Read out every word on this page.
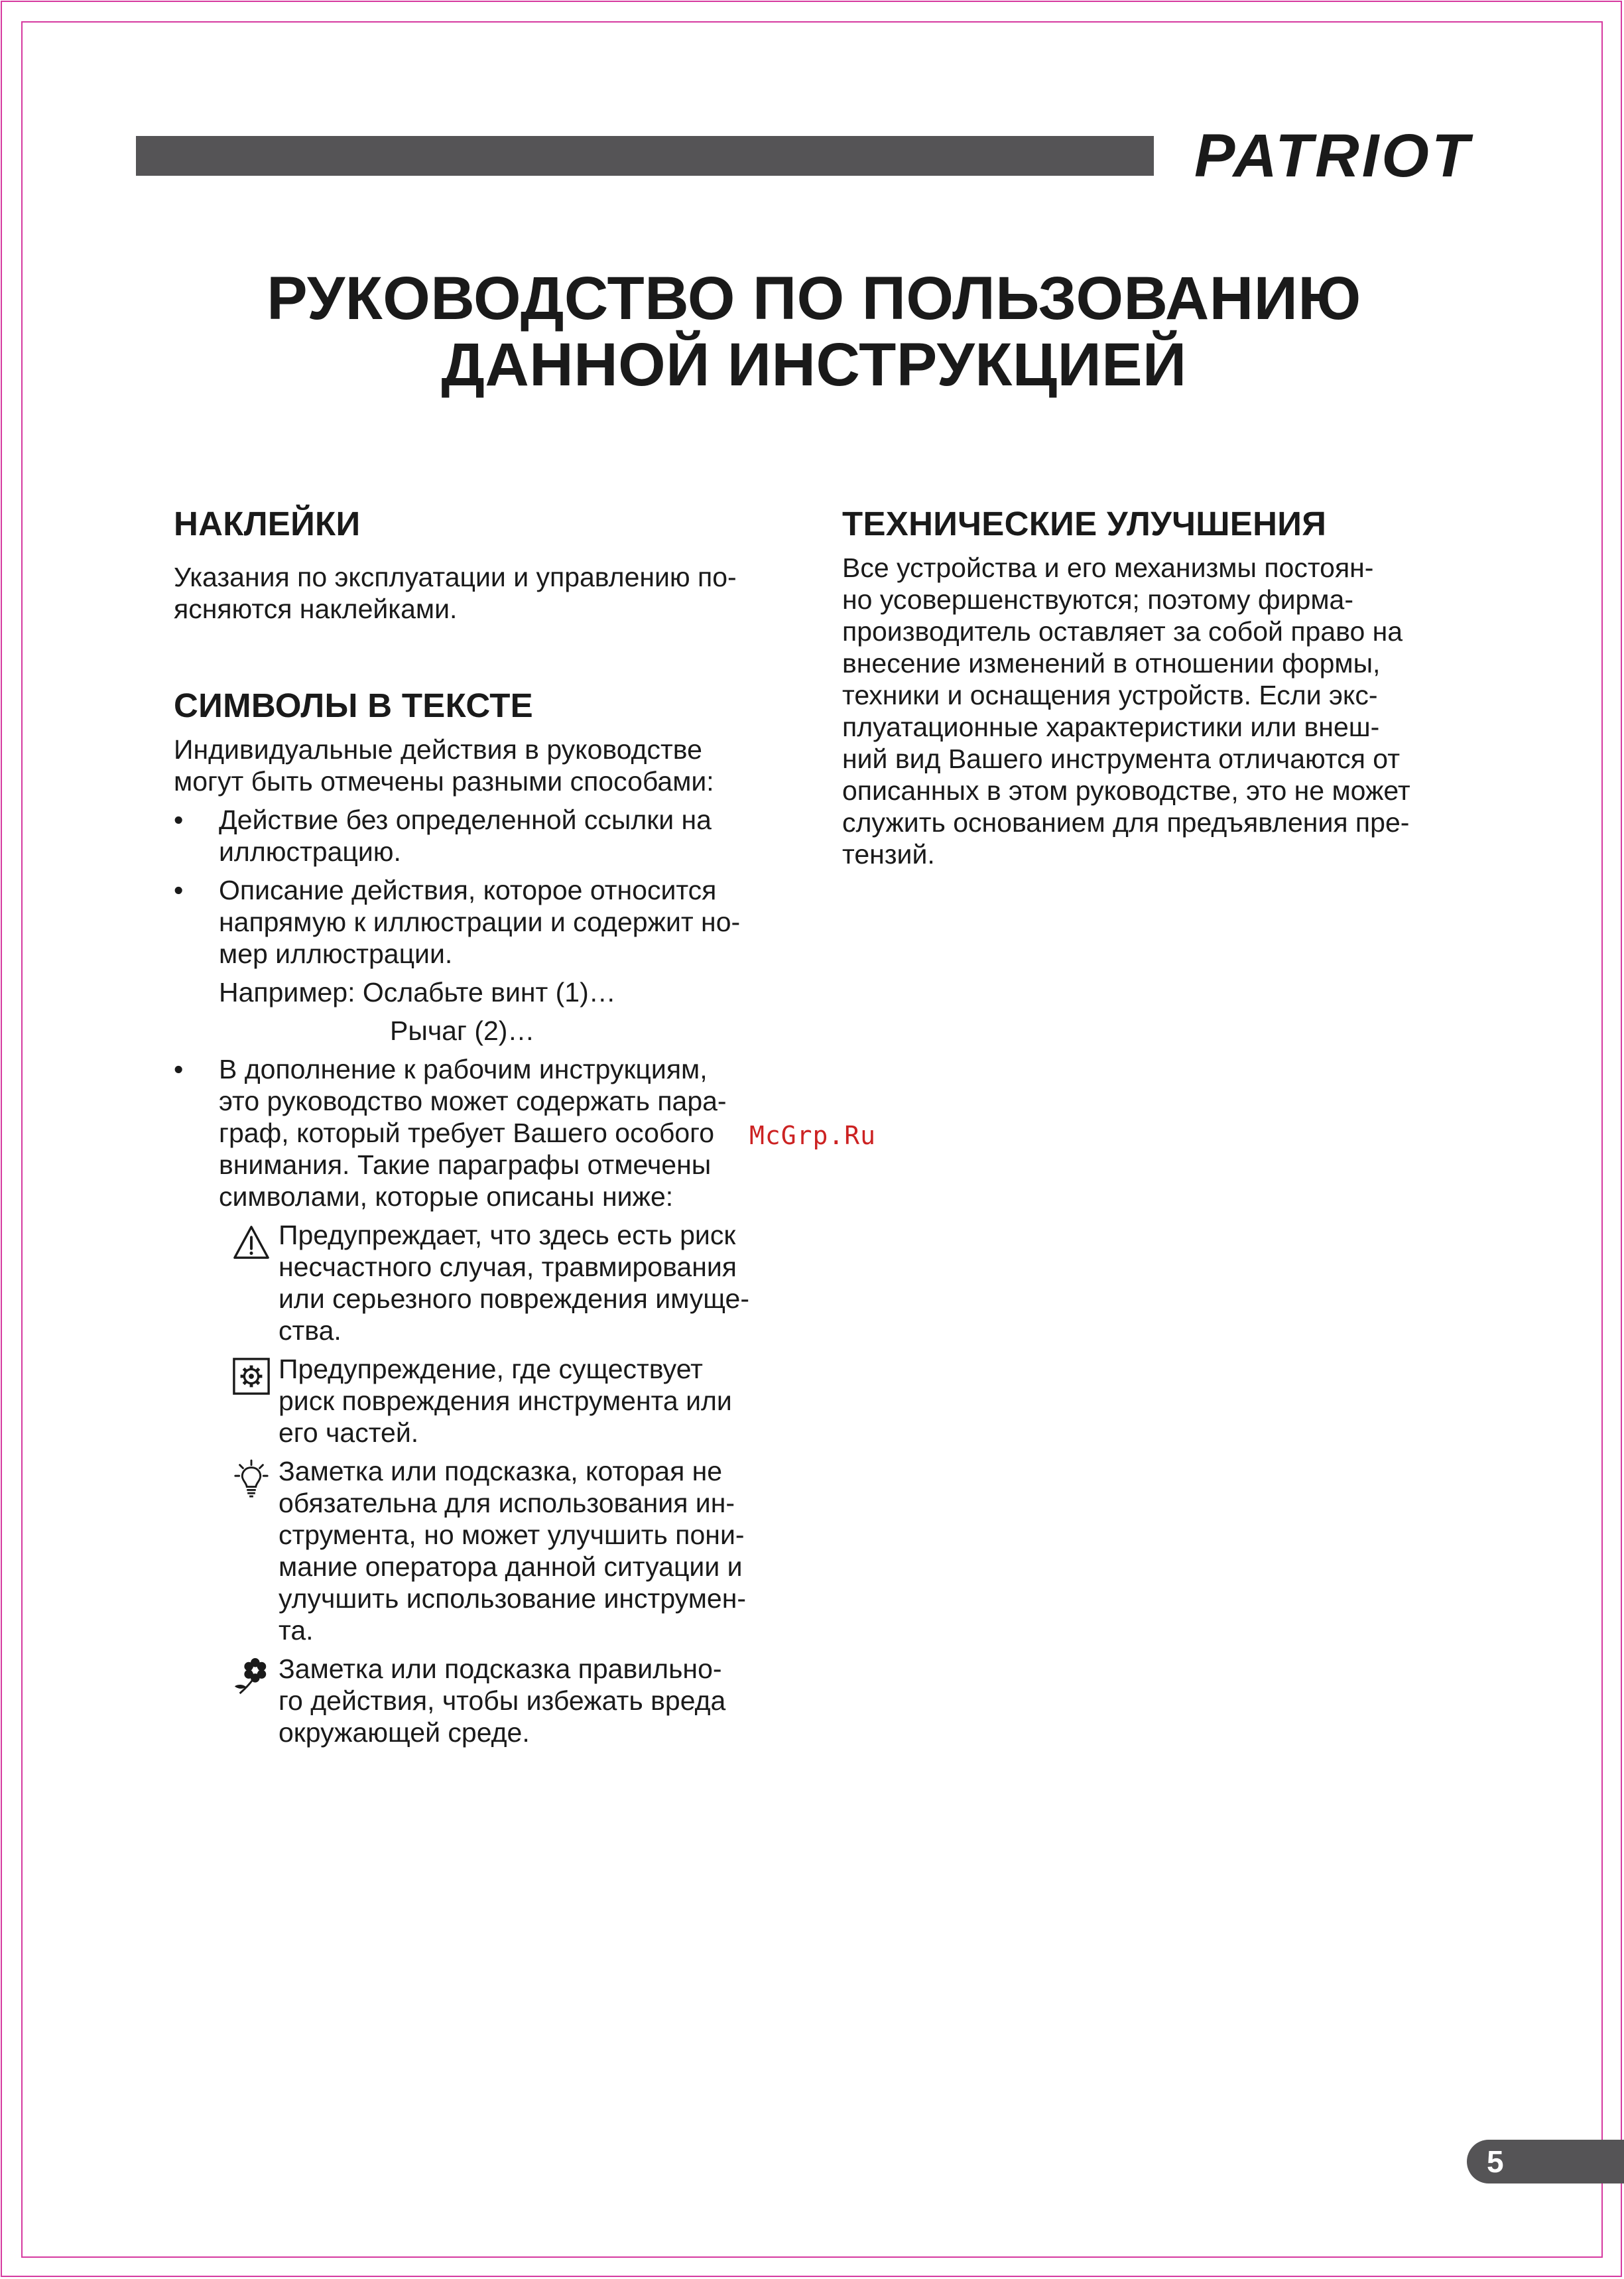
PATRIOT
РУКОВОДСТВО ПО ПОЛЬЗОВАНИЮ
ДАННОЙ ИНСТРУКЦИЕЙ
НАКЛЕЙКИ

Указания по эксплуатации и управлению по-
ясняются наклейками.

СИМВОЛЫ В ТЕКСТЕ

Индивидуальные действия в руководстве
могут быть отмечены разными способами:

• Действие без определенной ссылки на
иллюстрацию.
• Описание действия, которое относится
напрямую к иллюстрации и содержит но-
мер иллюстрации.
Например: Ослабьте винт (1)…
Рычаг (2)…
• В дополнение к рабочим инструкциям,
это руководство может содержать пара-
граф, который требует Вашего особого
внимания. Такие параграфы отмечены
символами, которые описаны ниже:
Предупреждает, что здесь есть риск
несчастного случая, травмирования
или серьезного повреждения имуще-
ства.
Предупреждение, где существует
риск повреждения инструмента или
его частей.
Заметка или подсказка, которая не
обязательна для использования ин-
струмента, но может улучшить пони-
мание оператора данной ситуации и
улучшить использование инструмен-
та.
Заметка или подсказка правильно-
го действия, чтобы избежать вреда
окружающей среде.
ТЕХНИЧЕСКИЕ УЛУЧШЕНИЯ

Все устройства и его механизмы постоян-

но усовершенствуются; поэтому фирма-
производитель оставляет за собой право на
внесение изменений в отношении формы,
техники и оснащения устройств. Если экс-
плуатационные характеристики или внеш-
ний вид Вашего инструмента отличаются от
описанных в этом руководстве, это не может
служить основанием для предъявления пре-
тензий.

McGrp.Ru
5
